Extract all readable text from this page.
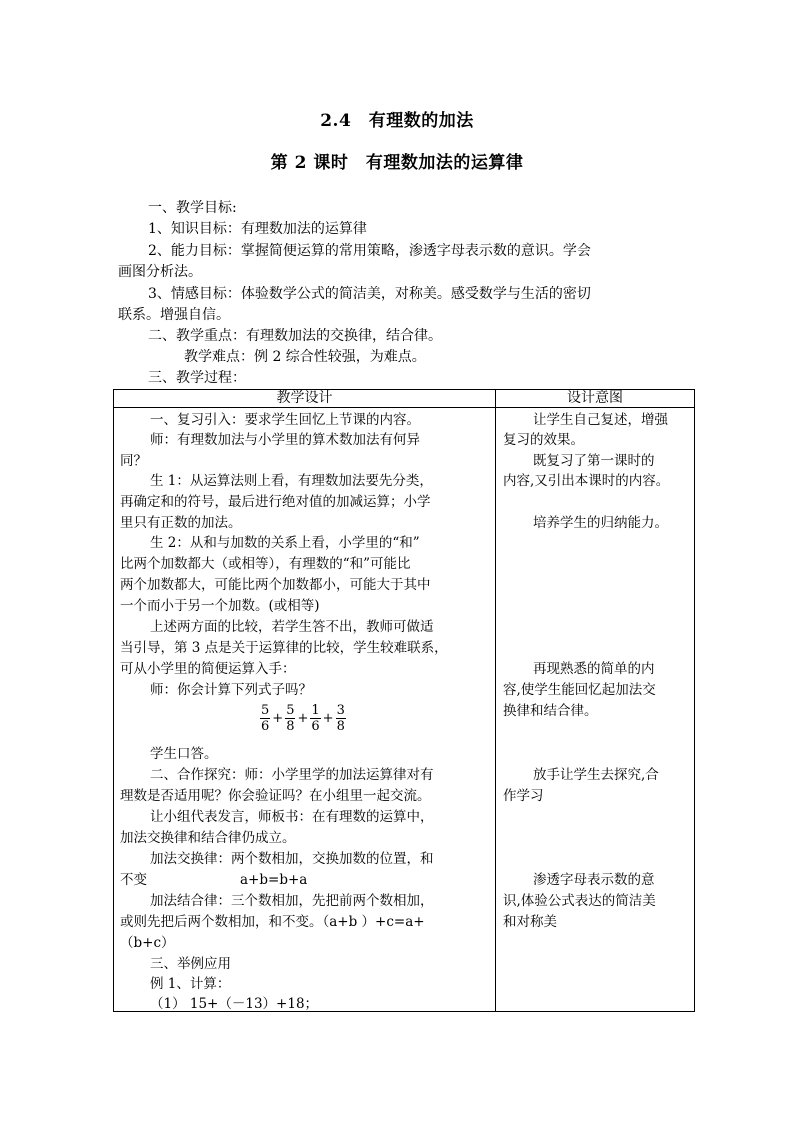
2.4　有理数的加法
第 2 课时　有理数加法的运算律
一、教学目标:
1、知识目标：有理数加法的运算律
2、能力目标：掌握简便运算的常用策略，渗透字母表示数的意识。学会
画图分析法。
3、情感目标：体验数学公式的简洁美，对称美。感受数学与生活的密切
联系。增强自信。
二、教学重点：有理数加法的交换律，结合律。
教学难点：例 2 综合性较强，为难点。
三、教学过程：
教学设计	设计意图
一、复习引入：要求学生回忆上节课的内容。
师：有理数加法与小学里的算术数加法有何异
同？
生 1：从运算法则上看，有理数加法要先分类，
再确定和的符号，最后进行绝对值的加减运算；小学
里只有正数的加法。
生 2：从和与加数的关系上看，小学里的“和”
比两个加数都大（或相等），有理数的“和”可能比
两个加数都大，可能比两个加数都小，可能大于其中
一个而小于另一个加数。(或相等)
上述两方面的比较，若学生答不出，教师可做适
当引导，第 3 点是关于运算律的比较，学生较难联系，
可从小学里的简便运算入手：
师：你会计算下列式子吗？
$\frac{5}{6} + \frac{5}{8} + \frac{1}{6} + \frac{3}{8}$
学生口答。
二、合作探究：师：小学里学的加法运算律对有
理数是否适用呢？你会验证吗？在小组里一起交流。
让小组代表发言，师板书：在有理数的运算中，
加法交换律和结合律仍成立。
加法交换律：两个数相加，交换加数的位置，和
不变	a+b=b+a
加法结合律：三个数相加，先把前两个数相加，
或则先把后两个数相加，和不变。（a+b ）+c=a+
（b+c）
三、举例应用
例 1、计算：
（1） 15+（－13）+18；
让学生自己复述，增强
复习的效果。
既复习了第一课时的
内容,又引出本课时的内容。
培养学生的归纳能力。
再现熟悉的简单的内
容,使学生能回忆起加法交
换律和结合律。
放手让学生去探究,合
作学习
渗透字母表示数的意
识,体验公式表达的简洁美
和对称美
